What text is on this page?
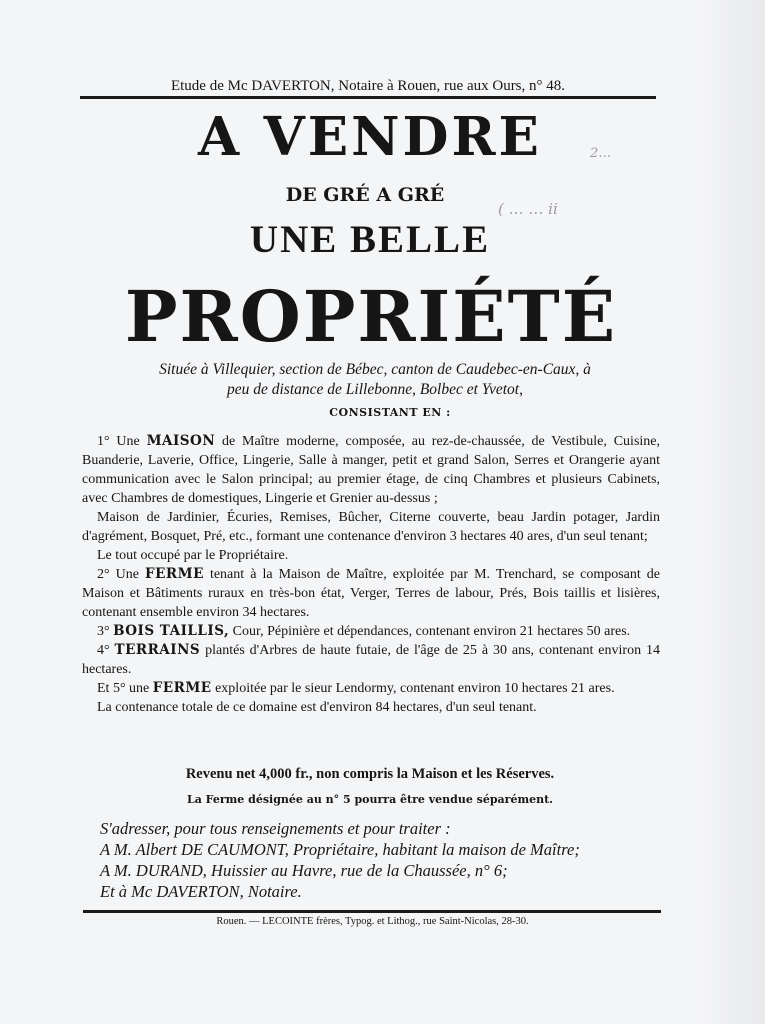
Etude de Mc DAVERTON, Notaire à Rouen, rue aux Ours, n° 48.
A VENDRE
DE GRÉ A GRÉ
UNE BELLE
PROPRIÉTÉ
2…
( … … ii
Située à Villequier, section de Bébec, canton de Caudebec-en-Caux, à
peu de distance de Lillebonne, Bolbec et Yvetot,
CONSISTANT EN :

1° Une MAISON de Maître moderne, composée, au rez-de-chaussée, de Vestibule, Cuisine, Buanderie, Laverie, Office, Lingerie, Salle à manger, petit et grand Salon, Serres et Orangerie ayant communication avec le Salon principal; au premier étage, de cinq Chambres et plusieurs Cabinets, avec Chambres de domestiques, Lingerie et Grenier au-dessus ;

Maison de Jardinier, Écuries, Remises, Bûcher, Citerne couverte, beau Jardin potager, Jardin d'agrément, Bosquet, Pré, etc., formant une contenance d'environ 3 hectares 40 ares, d'un seul tenant;

Le tout occupé par le Propriétaire.

2° Une FERME tenant à la Maison de Maître, exploitée par M. Trenchard, se composant de Maison et Bâtiments ruraux en très-bon état, Verger, Terres de labour, Prés, Bois taillis et lisières, contenant ensemble environ 34 hectares.

3° BOIS TAILLIS, Cour, Pépinière et dépendances, contenant environ 21 hectares 50 ares.

4° TERRAINS plantés d'Arbres de haute futaie, de l'âge de 25 à 30 ans, contenant environ 14 hectares.

Et 5° une FERME exploitée par le sieur Lendormy, contenant environ 10 hectares 21 ares.

La contenance totale de ce domaine est d'environ 84 hectares, d'un seul tenant.

Revenu net 4,000 fr., non compris la Maison et les Réserves.
La Ferme désignée au n° 5 pourra être vendue séparément.
S'adresser, pour tous renseignements et pour traiter :
A M. Albert DE CAUMONT, Propriétaire, habitant la maison de Maître;
A M. DURAND, Huissier au Havre, rue de la Chaussée, n° 6;
Et à Mc DAVERTON, Notaire.
Rouen. — LECOINTE frères, Typog. et Lithog., rue Saint-Nicolas, 28-30.
